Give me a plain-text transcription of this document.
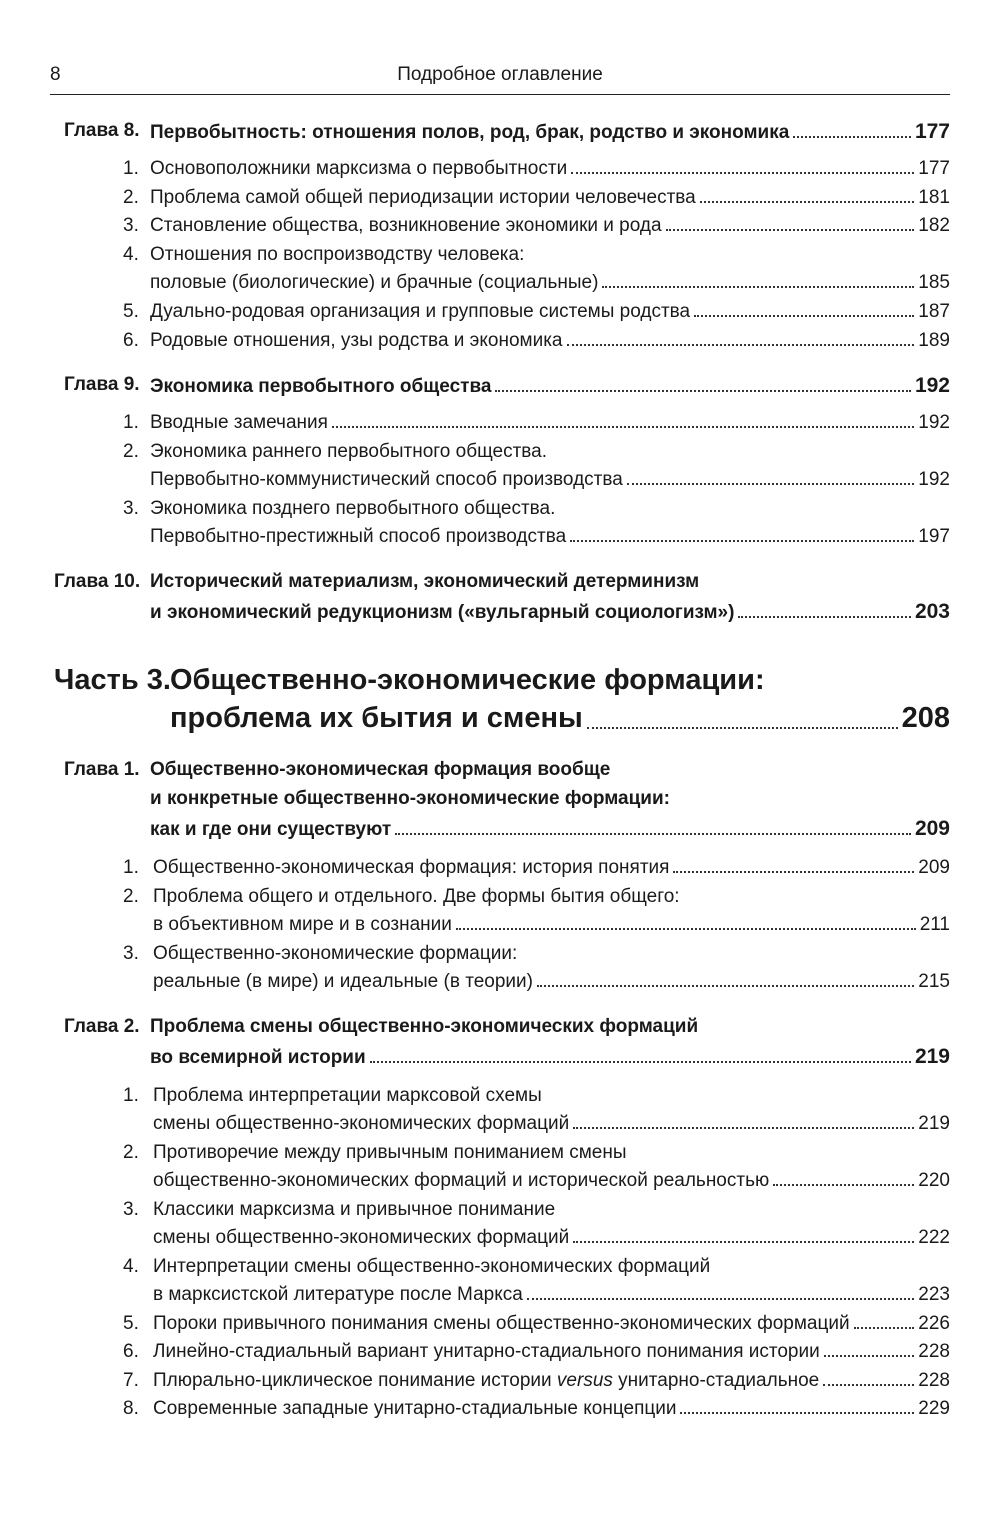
8	Подробное оглавление
Глава 8. Первобытность: отношения полов, род, брак, родство и экономика	177
1. Основоположники марксизма о первобытности	177
2. Проблема самой общей периодизации истории человечества	181
3. Становление общества, возникновение экономики и рода	182
4. Отношения по воспроизводству человека:
половые (биологические) и брачные (социальные)	185
5. Дуально-родовая организация и групповые системы родства	187
6. Родовые отношения, узы родства и экономика	189
Глава 9. Экономика первобытного общества	192
1. Вводные замечания	192
2. Экономика раннего первобытного общества.
Первобытно-коммунистический способ производства	192
3. Экономика позднего первобытного общества.
Первобытно-престижный способ производства	197
Глава 10. Исторический материализм, экономический детерминизм
и экономический редукционизм («вульгарный социологизм»)	203
Часть 3. Общественно-экономические формации:
проблема их бытия и смены	208
Глава 1. Общественно-экономическая формация вообще
и конкретные общественно-экономические формации:
как и где они существуют	209
1. Общественно-экономическая формация: история понятия	209
2. Проблема общего и отдельного. Две формы бытия общего:
в объективном мире и в сознании	211
3. Общественно-экономические формации:
реальные (в мире) и идеальные (в теории)	215
Глава 2. Проблема смены общественно-экономических формаций
во всемирной истории	219
1. Проблема интерпретации марксовой схемы
смены общественно-экономических формаций	219
2. Противоречие между привычным пониманием смены
общественно-экономических формаций и исторической реальностью	220
3. Классики марксизма и привычное понимание
смены общественно-экономических формаций	222
4. Интерпретации смены общественно-экономических формаций
в марксистской литературе после Маркса	223
5. Пороки привычного понимания смены общественно-экономических формаций	226
6. Линейно-стадиальный вариант унитарно-стадиального понимания истории	228
7. Плюрально-циклическое понимание истории versus унитарно-стадиальное	228
8. Современные западные унитарно-стадиальные концепции	229
